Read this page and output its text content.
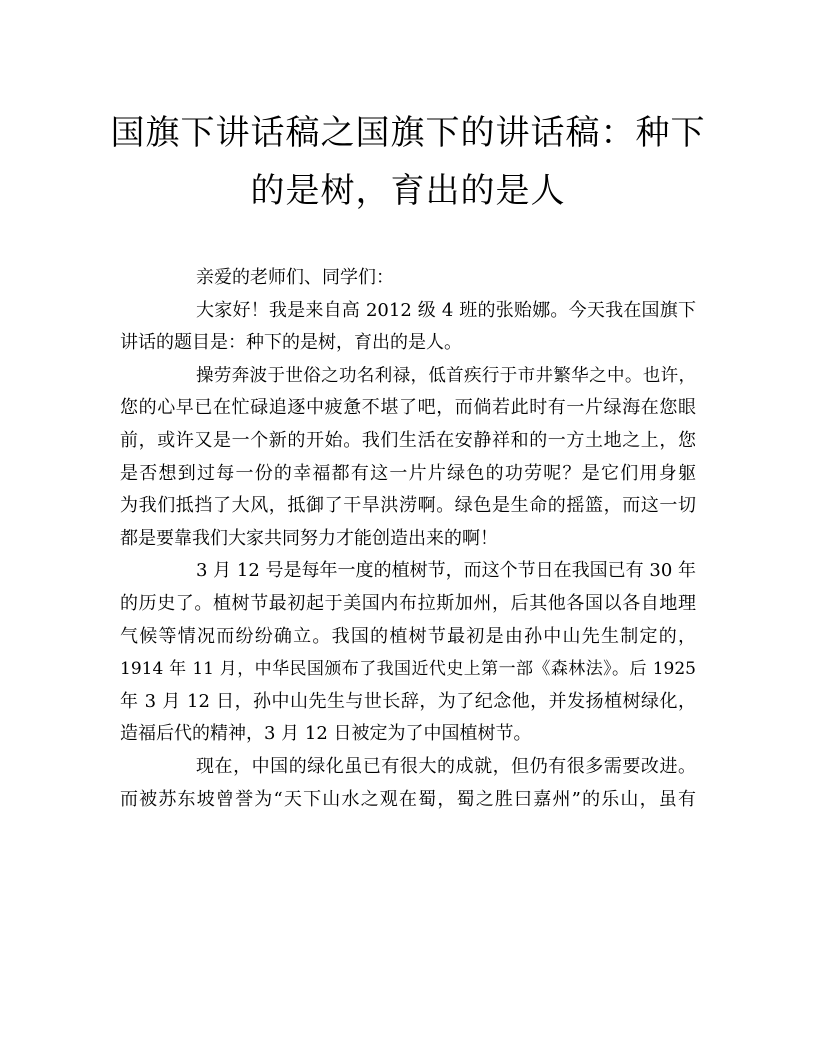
国旗下讲话稿之国旗下的讲话稿：种下
的是树，育出的是人
亲爱的老师们、同学们：
大家好！我是来自高 2012 级 4 班的张贻娜。今天我在国旗下
讲话的题目是：种下的是树，育出的是人。
操劳奔波于世俗之功名利禄，低首疾行于市井繁华之中。也许，
您的心早已在忙碌追逐中疲惫不堪了吧，而倘若此时有一片绿海在您眼
前，或许又是一个新的开始。我们生活在安静祥和的一方土地之上，您
是否想到过每一份的幸福都有这一片片绿色的功劳呢？是它们用身躯
为我们抵挡了大风，抵御了干旱洪涝啊。绿色是生命的摇篮，而这一切
都是要靠我们大家共同努力才能创造出来的啊！
3 月 12 号是每年一度的植树节，而这个节日在我国已有 30 年
的历史了。植树节最初起于美国内布拉斯加州，后其他各国以各自地理
气候等情况而纷纷确立。我国的植树节最初是由孙中山先生制定的，
1914 年 11 月，中华民国颁布了我国近代史上第一部《森林法》。后 1925
年 3 月 12 日，孙中山先生与世长辞，为了纪念他，并发扬植树绿化，
造福后代的精神，3 月 12 日被定为了中国植树节。
现在，中国的绿化虽已有很大的成就，但仍有很多需要改进。
而被苏东坡曾誉为“天下山水之观在蜀，蜀之胜曰嘉州”的乐山，虽有
